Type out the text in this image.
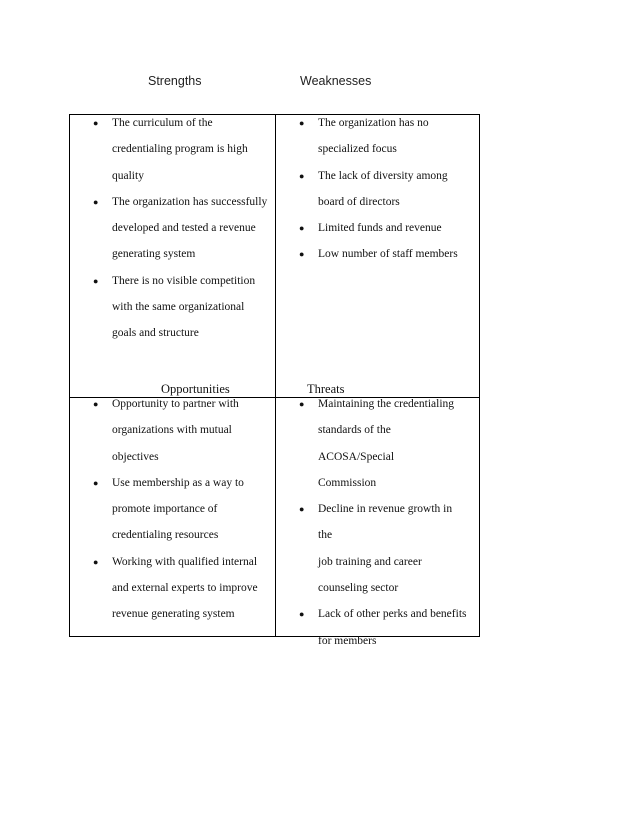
Strengths	Weaknesses
● The curriculum of the
credentialing program is high
quality
● The organization has successfully
developed and tested a revenue
generating system
● There is no visible competition
with the same organizational
goals and structure
● The organization has no
specialized focus
● The lack of diversity among
board of directors
● Limited funds and revenue
● Low number of staff members
Opportunities	Threats
● Opportunity to partner with
organizations with mutual
objectives
● Use membership as a way to
promote importance of
credentialing resources
● Working with qualified internal
and external experts to improve
revenue generating system
● Maintaining the credentialing
standards of the ACOSA/Special
Commission
● Decline in revenue growth in the
job training and career
counseling sector
● Lack of other perks and benefits
for members
